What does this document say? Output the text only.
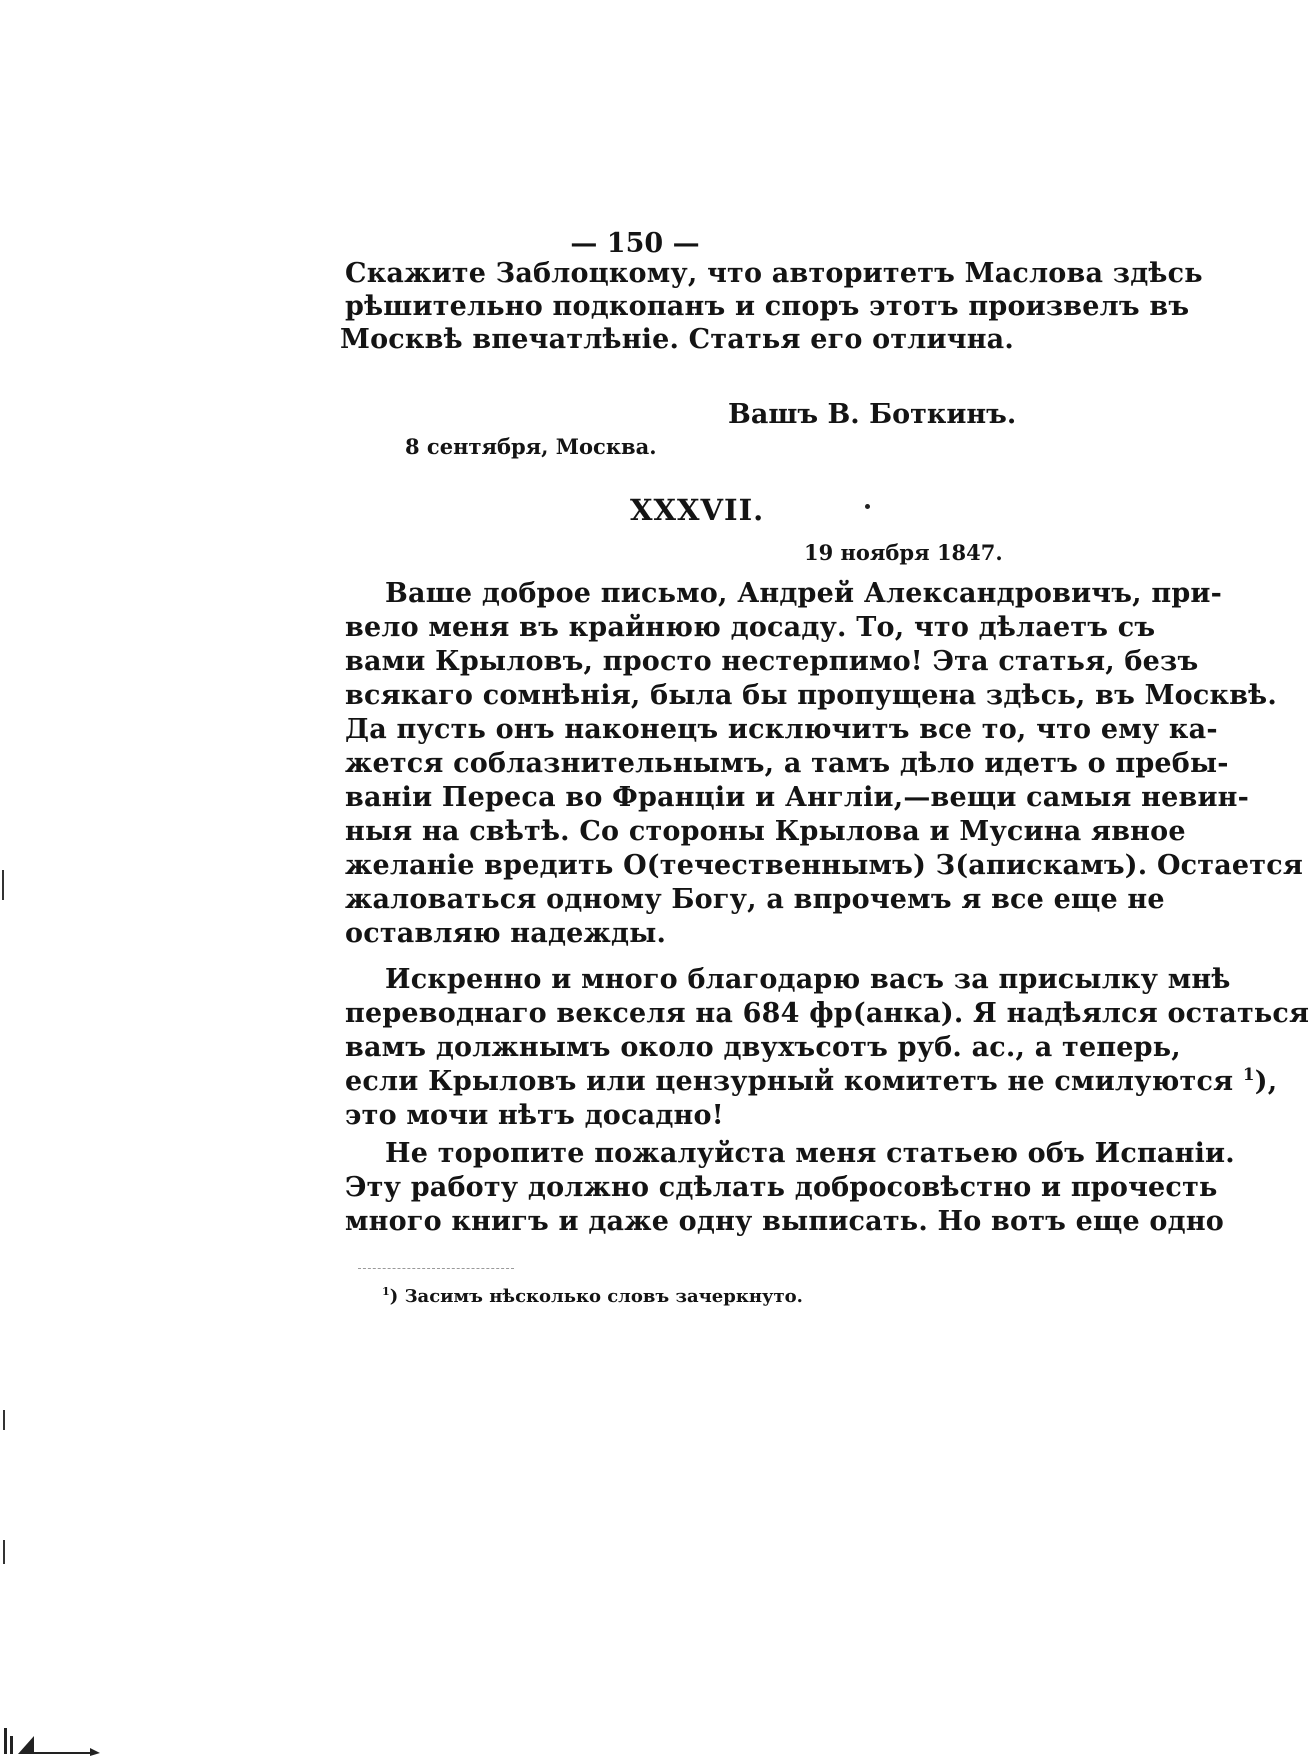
— 150 —
Скажите Заблоцкому, что авторитетъ Маслова здѣсь
рѣшительно подкопанъ и споръ этотъ произвелъ въ
Москвѣ впечатлѣніе. Статья его отлична.
Вашъ В. Боткинъ.
8 сентября, Москва.
XXXVII.
19 ноября 1847.
Ваше доброе письмо, Андрей Александровичъ, при-
вело меня въ крайнюю досаду. То, что дѣлаетъ съ
вами Крыловъ, просто нестерпимо! Эта статья, безъ
всякаго сомнѣнія, была бы пропущена здѣсь, въ Москвѣ.
Да пусть онъ наконецъ исключитъ все то, что ему ка-
жется соблазнительнымъ, а тамъ дѣло идетъ о пребы-
ваніи Переса во Франціи и Англіи,—вещи самыя невин-
ныя на свѣтѣ. Со стороны Крылова и Мусина явное
желаніе вредить О(течественнымъ) З(апискамъ). Остается
жаловаться одному Богу, а впрочемъ я все еще не
оставляю надежды.
Искренно и много благодарю васъ за присылку мнѣ
переводнаго векселя на 684 фр(анка). Я надѣялся остаться
вамъ должнымъ около двухъсотъ руб. ас., а теперь,
если Крыловъ или цензурный комитетъ не смилуются $^1$),
это мочи нѣтъ досадно!
Не торопите пожалуйста меня статьею объ Испаніи.
Эту работу должно сдѣлать добросовѣстно и прочесть
много книгъ и даже одну выписать. Но вотъ еще одно
$^1$) Засимъ нѣсколько словъ зачеркнуто.
